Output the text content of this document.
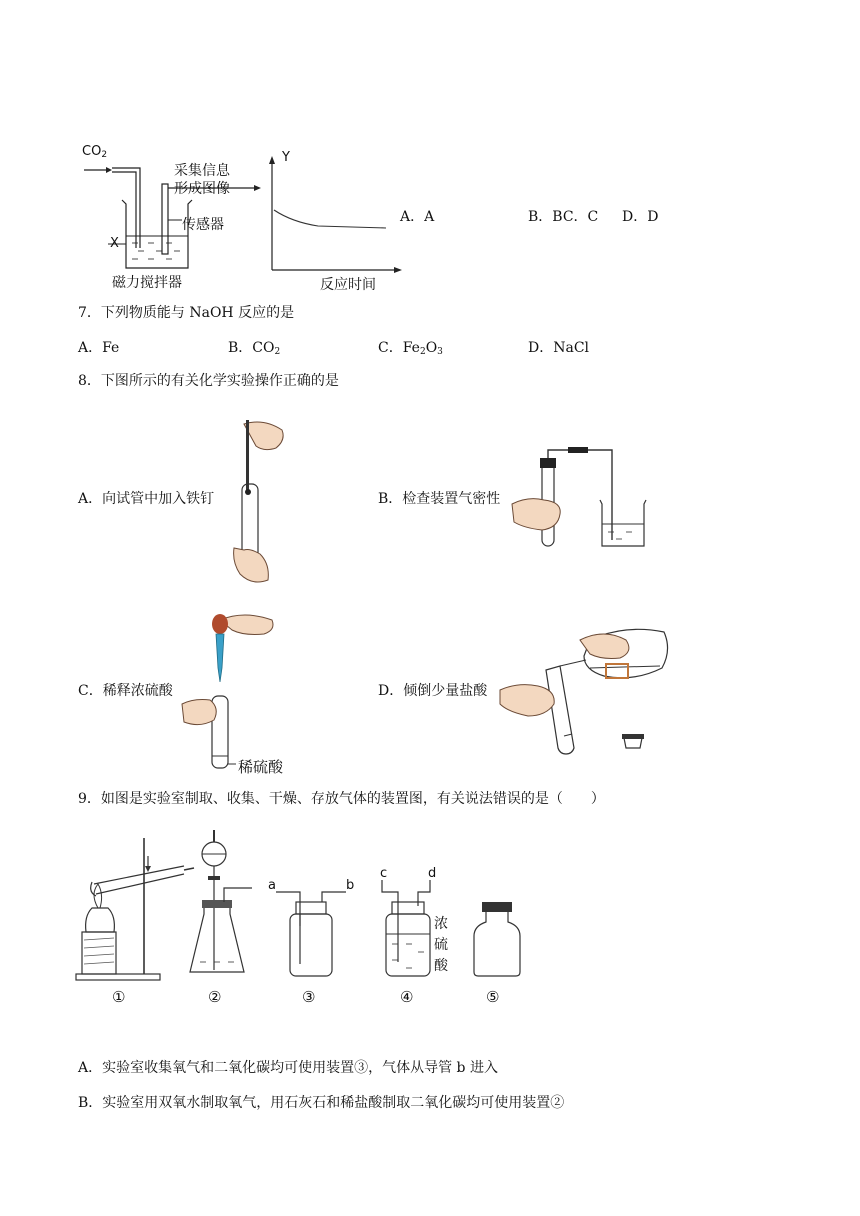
$CO_2$
采集信息
形成图像
传感器
X
磁力搅拌器
Y
反应时间
A．A	B．BC．C D．D
7．下列物质能与 NaOH 反应的是
A．Fe	B．$CO_2$	C．$Fe_2O_3$	D．NaCl
8．下图所示的有关化学实验操作正确的是
A．向试管中加入铁钉	B．检查装置气密性
C．稀释浓硫酸
稀硫酸
D．倾倒少量盐酸
9．如图是实验室制取、收集、干燥、存放气体的装置图，有关说法错误的是（　　）
a	b
c	d
浓
硫
酸
①	②	③	④	⑤
A．实验室收集氧气和二氧化碳均可使用装置③，气体从导管 b 进入
B．实验室用双氧水制取氧气，用石灰石和稀盐酸制取二氧化碳均可使用装置②
